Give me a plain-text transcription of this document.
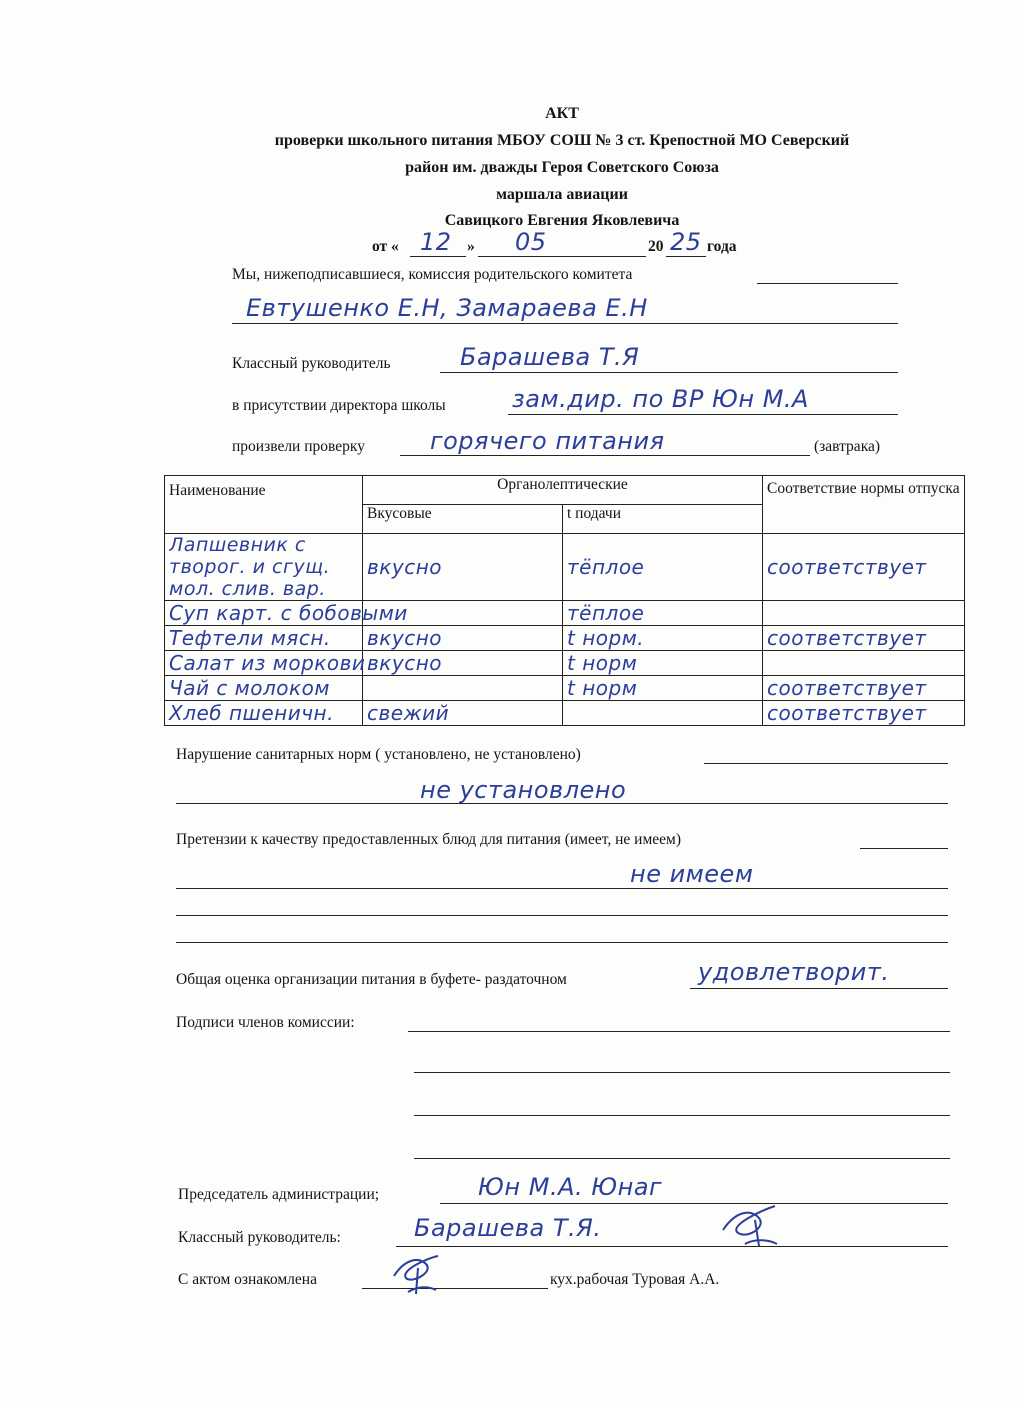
АКТ
проверки школьного питания МБОУ СОШ № 3 ст. Крепостной МО Северский
район им. дважды Героя Советского Союза
маршала авиации
Савицкого Евгения Яковлевича
от « 12 » 05	20 25 года
Мы, нижеподписавшиеся, комиссия родительского комитета
Евтушенко Е.Н, Замараева Е.Н
Классный руководитель	Барашева Т.Я
в присутствии директора школы	зам.дир. по ВР Юн М.А
произвели проверку	горячего питания	(завтрака)
Наименование	Органолептические		Соответствие нормы отпуска
	Вкусовые	t подачи	

Лапшевник с творог. и сгущ. мол. слив. вар.	вкусно	тёплое	соответствует
Суп карт. с бобовыми		тёплое	
Тефтели мясн.	вкусно	t норм.	соответствует
Салат из моркови	вкусно	t норм	
Чай с молоком		t норм	соответствует
Хлеб пшеничн.	свежий		соответствует
Нарушение санитарных норм ( установлено, не установлено)
не установлено
Претензии к качеству предоставленных блюд для питания (имеет, не имеем)
не имеем
Общая оценка организации питания в буфете- раздаточном	удовлетворит.
Подписи членов комиссии:
Председатель администрации;	Юн М.А. Юнаг
Классный руководитель:	Барашева Т.Я.
С актом ознакомлена	кух.рабочая Туровая А.А.
